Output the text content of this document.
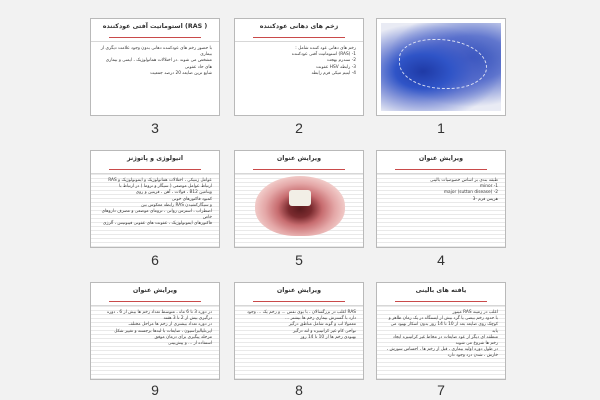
( RAS) استوماتیت آفتی عودکننده
با حضور زخم های عودکننده دهانی بدون وجود علامت دیگری از بیماری
مشخص می شوند .در اختلالات هماتولوژیک ، ایمنی و بیماری های حاد عفونی
شایع ترین ضایعه 20 درصد جمعیت
3
زخم های دهانی عودکننده
زخم های دهانی عود کننده شامل :
1- (RAS) استوماتیت آفتی عودکننده
2- سندرم بهجت
3- رابطه HSV عفونت
4- ایتیم میکی فرم رابطه
2	1
اتیولوژی و پاتوژنز
عوامل ژنتیکی ، اختلالات هماتولوژیک و ایمونولوژیک و RAS ارتباط عوامل موضعی ( سیگار و تروما ) در ارتباط با
ویتامین B12 ، فولات ، آهن ، فریتین و روی
کمبود فاکتورهای خونی
و سیگارکشیدن RAS رابطه معکوس بین
اضطراب ، استرس روانی ، ترومای موضعی و مصرف داروهای خاص
فاکتورهای ایمونولوژیک ، عفونت های عفونی فیبوتیس ، آلرژی
6
ویرایش عنوان
5
ویرایش عنوان
طبقه بندی بر اساس خصوصیات بالینی
1- minor
2- major (sutton disease)
هرپس فرم -3
4
ویرایش عنوان
در دوره 3 تا 6 ماه ، متوسط تعداد زخم ها بیش از 6 ، دوره درگیری بیش از 2 تا 3 هفته
در دوره تعداد بیشتری از زخم ها مراحل مختلف
اپی‌تلیالیزاسیون ، ضایعات با لبه‌ها برجسته و تغییر شکل
مرحله پیگیری برای درمان موفق
استفاده از ... و پیش‌بینی
9
ویرایش عنوان
RAS اغلب در بزرگسالان ، با بوی نفس ... و زخم یک ... وجود دارد با گسترش بیماری زخم ها بیشتر ...
معمولا لب و گونه شامل مناطق درگیر
نواحی کام غیر کراتینیزه و لثه درگیر
بهبودی زخم ها از 10 تا 14 روز
8
یافته های بالینی
اغلب در زمینه RAS مینور
با حدود زخم بیضی یا گرد بیش از ایستگاه در یک زمان ظاهر و کوچک روی ضایعه بعد از 10 تا 14 روز بدون اسکار بهبود می یابد
منطقه ای دیگر از عود ضایعات در مخاط غیر کراتینیزه ایجاد زخم ها شروع می شوند
در طول دوره اولیه بیماری ، قبل از زخم ها ، احساس سوزش ، خارش ، شدن درد وجود دارد
7
